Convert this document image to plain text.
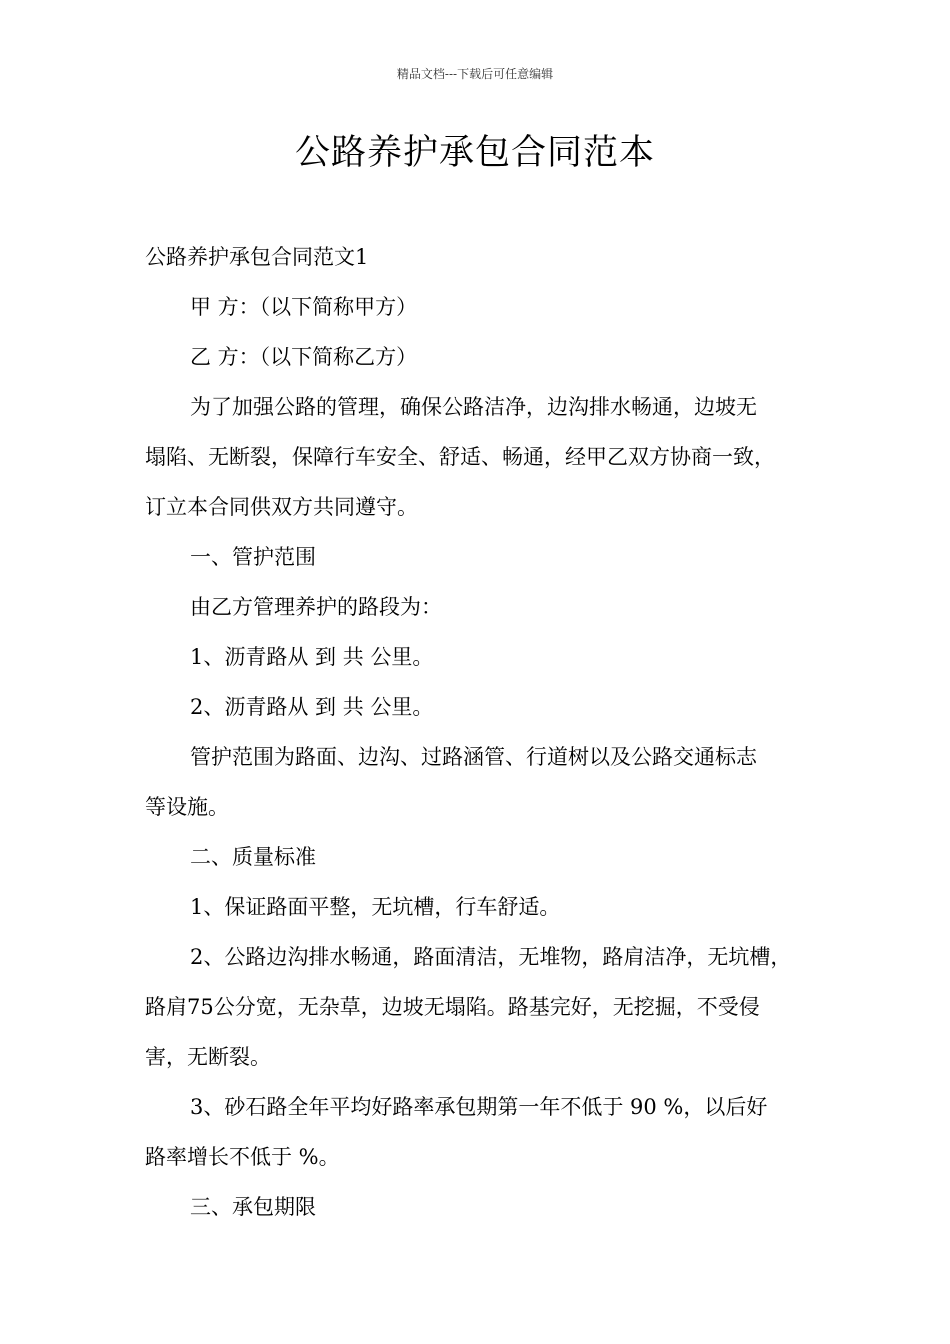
精品文档---下载后可任意编辑
公路养护承包合同范本

公路养护承包合同范文1

甲 方：（以下简称甲方）

乙 方：（以下简称乙方）

为了加强公路的管理，确保公路洁净，边沟排水畅通，边坡无

塌陷、无断裂，保障行车安全、舒适、畅通，经甲乙双方协商一致，

订立本合同供双方共同遵守。

一、管护范围

由乙方管理养护的路段为：

1、沥青路从 到 共 公里。

2、沥青路从 到 共 公里。

管护范围为路面、边沟、过路涵管、行道树以及公路交通标志

等设施。

二、质量标准

1、保证路面平整，无坑槽，行车舒适。

2、公路边沟排水畅通，路面清洁，无堆物，路肩洁净，无坑槽，

路肩75公分宽，无杂草，边坡无塌陷。路基完好，无挖掘，不受侵

害，无断裂。

3、砂石路全年平均好路率承包期第一年不低于 90 %，以后好

路率增长不低于 %。

三、承包期限
